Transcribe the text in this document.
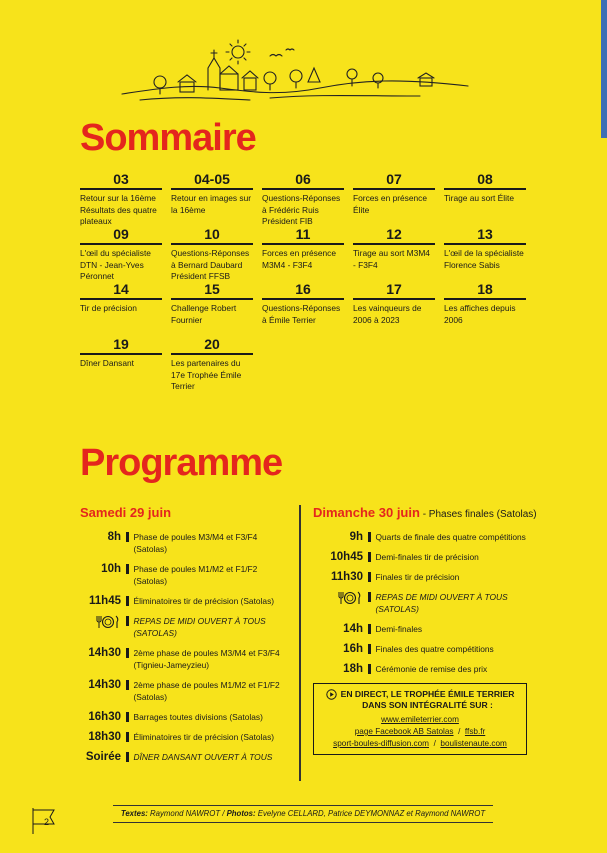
Sommaire
03
Retour sur la 16ème Résultats des quatre plateaux
04-05
Retour en images sur la 16ème
06
Questions-Réponses à Frédéric Ruis Président FIB
07
Forces en présence Élite
08
Tirage au sort Élite
09
L'œil du spécialiste DTN - Jean-Yves Péronnet
10
Questions-Réponses à Bernard Daubard Président FFSB
11
Forces en présence M3M4 - F3F4
12
Tirage au sort M3M4 - F3F4
13
L'œil de la spécialiste Florence Sabis
14
Tir de précision
15
Challenge Robert Fournier
16
Questions-Réponses à Émile Terrier
17
Les vainqueurs de 2006 à 2023
18
Les affiches depuis 2006
19
Dîner Dansant
20
Les partenaires du 17e Trophée Émile Terrier
Programme
Samedi 29 juin
8h Phase de poules M3/M4 et F3/F4 (Satolas)
10h Phase de poules M1/M2 et F1/F2 (Satolas)
11h45 Éliminatoires tir de précision (Satolas)
REPAS DE MIDI OUVERT À TOUS (SATOLAS)
14h30 2ème phase de poules M3/M4 et F3/F4 (Tignieu-Jameyzieu)
14h30 2ème phase de poules M1/M2 et F1/F2 (Satolas)
16h30 Barrages toutes divisions (Satolas)
18h30 Éliminatoires tir de précision (Satolas)
Soirée DÎNER DANSANT OUVERT À TOUS
Dimanche 30 juin - Phases finales (Satolas)
9h Quarts de finale des quatre compétitions
10h45 Demi-finales tir de précision
11h30 Finales tir de précision
REPAS DE MIDI OUVERT À TOUS (SATOLAS)
14h Demi-finales
16h Finales des quatre compétitions
18h Cérémonie de remise des prix
EN DIRECT, LE TROPHÉE ÉMILE TERRIER
DANS SON INTÉGRALITÉ SUR :
www.emileterrier.com
page Facebook AB Satolas / ffsb.fr
sport-boules-diffusion.com / boulistenaute.com
Textes: Raymond NAWROT / Photos: Evelyne CELLARD, Patrice DEYMONNAZ et Raymond NAWROT
2
